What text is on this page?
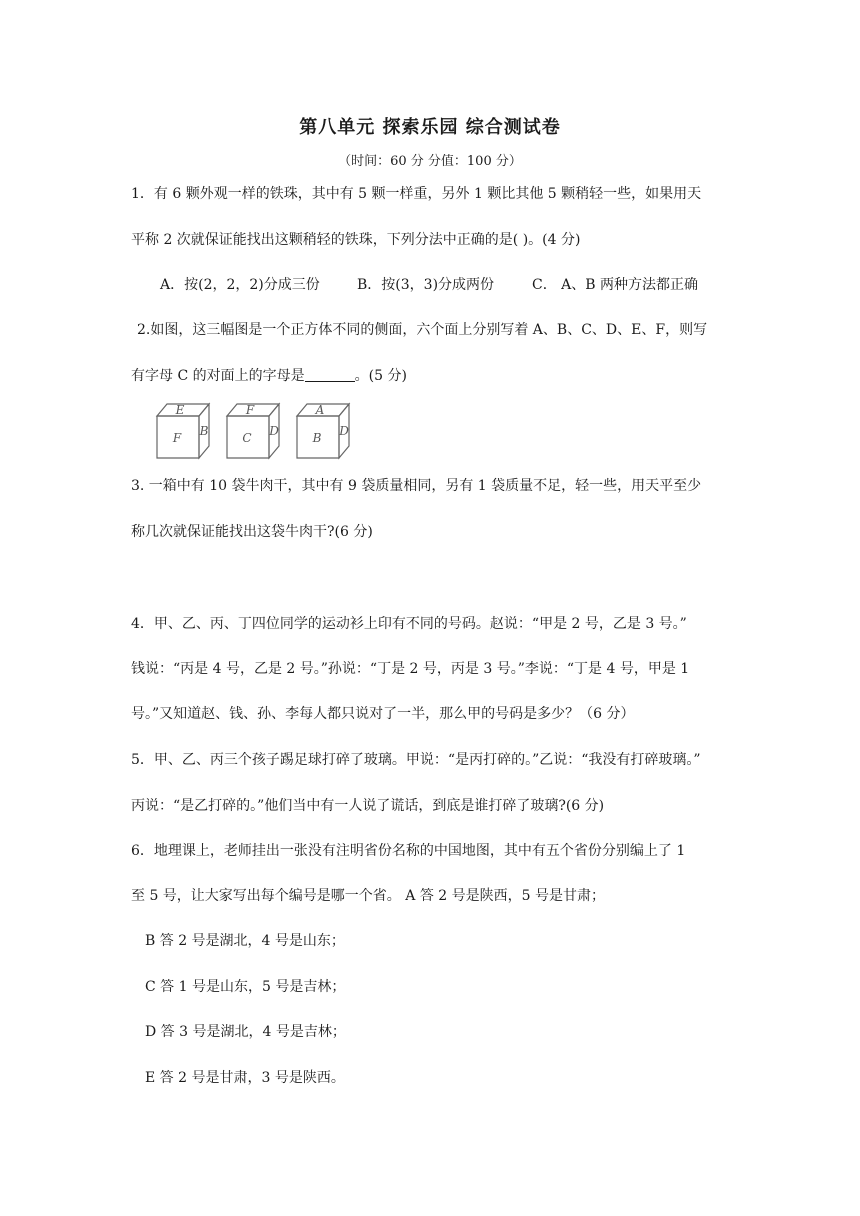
第八单元 探索乐园 综合测试卷
（时间：60 分 分值：100 分）
1．有 6 颗外观一样的铁珠，其中有 5 颗一样重，另外 1 颗比其他 5 颗稍轻一些，如果用天
平称 2 次就保证能找出这颗稍轻的铁珠，下列分法中正确的是( )。(4 分)
A．按(2，2，2)分成三份	B．按(3，3)分成两份	C． A、B 两种方法都正确
2.如图，这三幅图是一个正方体不同的侧面，六个面上分别写着 A、B、C、D、E、F，则写
有字母 C 的对面上的字母是	。(5 分)
E
F B
F
C D
A
B D
3. 一箱中有 10 袋牛肉干，其中有 9 袋质量相同，另有 1 袋质量不足，轻一些，用天平至少
称几次就保证能找出这袋牛肉干?(6 分)
4．甲、乙、丙、丁四位同学的运动衫上印有不同的号码。赵说：“甲是 2 号，乙是 3 号。”
钱说：“丙是 4 号，乙是 2 号。”孙说：“丁是 2 号，丙是 3 号。”李说：“丁是 4 号，甲是 1
号。”又知道赵、钱、孙、李每人都只说对了一半，那么甲的号码是多少？（6 分）
5．甲、乙、丙三个孩子踢足球打碎了玻璃。甲说：“是丙打碎的。”乙说：“我没有打碎玻璃。”
丙说：“是乙打碎的。”他们当中有一人说了谎话，到底是谁打碎了玻璃?(6 分)
6．地理课上，老师挂出一张没有注明省份名称的中国地图，其中有五个省份分别编上了 1
至 5 号，让大家写出每个编号是哪一个省。 A 答 2 号是陕西，5 号是甘肃；
B 答 2 号是湖北，4 号是山东；
C 答 1 号是山东，5 号是吉林；
D 答 3 号是湖北，4 号是吉林；
E 答 2 号是甘肃，3 号是陕西。
